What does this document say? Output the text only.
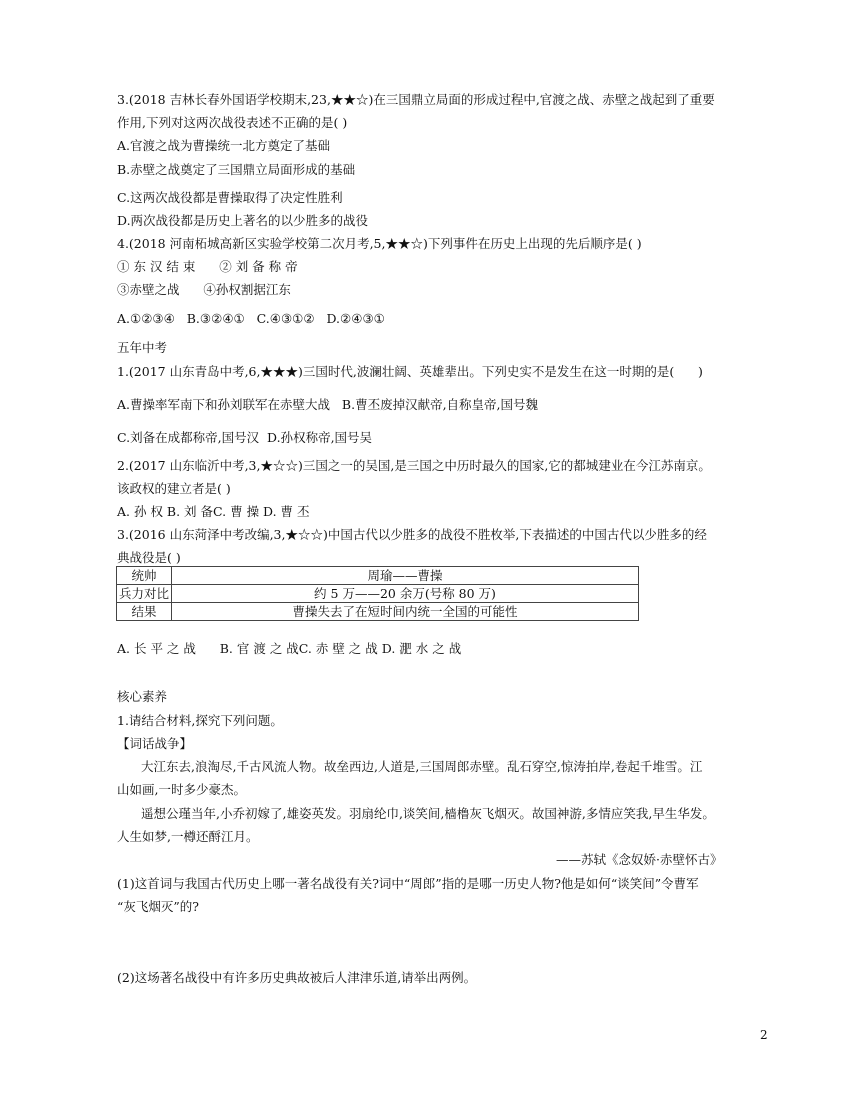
3.(2018 吉林长春外国语学校期末,23,★★☆)在三国鼎立局面的形成过程中,官渡之战、赤壁之战起到了重要
作用,下列对这两次战役表述不正确的是( )
A.官渡之战为曹操统一北方奠定了基础
B.赤壁之战奠定了三国鼎立局面形成的基础
C.这两次战役都是曹操取得了决定性胜利
D.两次战役都是历史上著名的以少胜多的战役
4.(2018 河南柘城高新区实验学校第二次月考,5,★★☆)下列事件在历史上出现的先后顺序是( )
① 东 汉 结 束      ② 刘 备 称 帝
③赤壁之战      ④孙权割据江东
A.①②③④   B.③②④①   C.④③①②   D.②④③①
五年中考
1.(2017 山东青岛中考,6,★★★)三国时代,波澜壮阔、英雄辈出。下列史实不是发生在这一时期的是(      )
A.曹操率军南下和孙刘联军在赤壁大战   B.曹丕废掉汉献帝,自称皇帝,国号魏
C.刘备在成都称帝,国号汉  D.孙权称帝,国号吴
2.(2017 山东临沂中考,3,★☆☆)三国之一的吴国,是三国之中历时最久的国家,它的都城建业在今江苏南京。
该政权的建立者是( )
A. 孙 权 B. 刘 备C. 曹 操 D. 曹 丕
3.(2016 山东菏泽中考改编,3,★☆☆)中国古代以少胜多的战役不胜枚举,下表描述的中国古代以少胜多的经
典战役是( )
统帅	周瑜——曹操
兵力对比	约 5 万——20 余万(号称 80 万)
结果	曹操失去了在短时间内统一全国的可能性
A. 长 平 之 战      B. 官 渡 之 战C. 赤 壁 之 战 D. 淝 水 之 战
核心素养
1.请结合材料,探究下列问题。
【词话战争】
大江东去,浪淘尽,千古风流人物。故垒西边,人道是,三国周郎赤壁。乱石穿空,惊涛拍岸,卷起千堆雪。江
山如画,一时多少豪杰。
遥想公瑾当年,小乔初嫁了,雄姿英发。羽扇纶巾,谈笑间,樯橹灰飞烟灭。故国神游,多情应笑我,早生华发。
人生如梦,一樽还酹江月。
——苏轼《念奴娇·赤壁怀古》
(1)这首词与我国古代历史上哪一著名战役有关?词中“周郎”指的是哪一历史人物?他是如何“谈笑间”令曹军
“灰飞烟灭”的?
(2)这场著名战役中有许多历史典故被后人津津乐道,请举出两例。
2
